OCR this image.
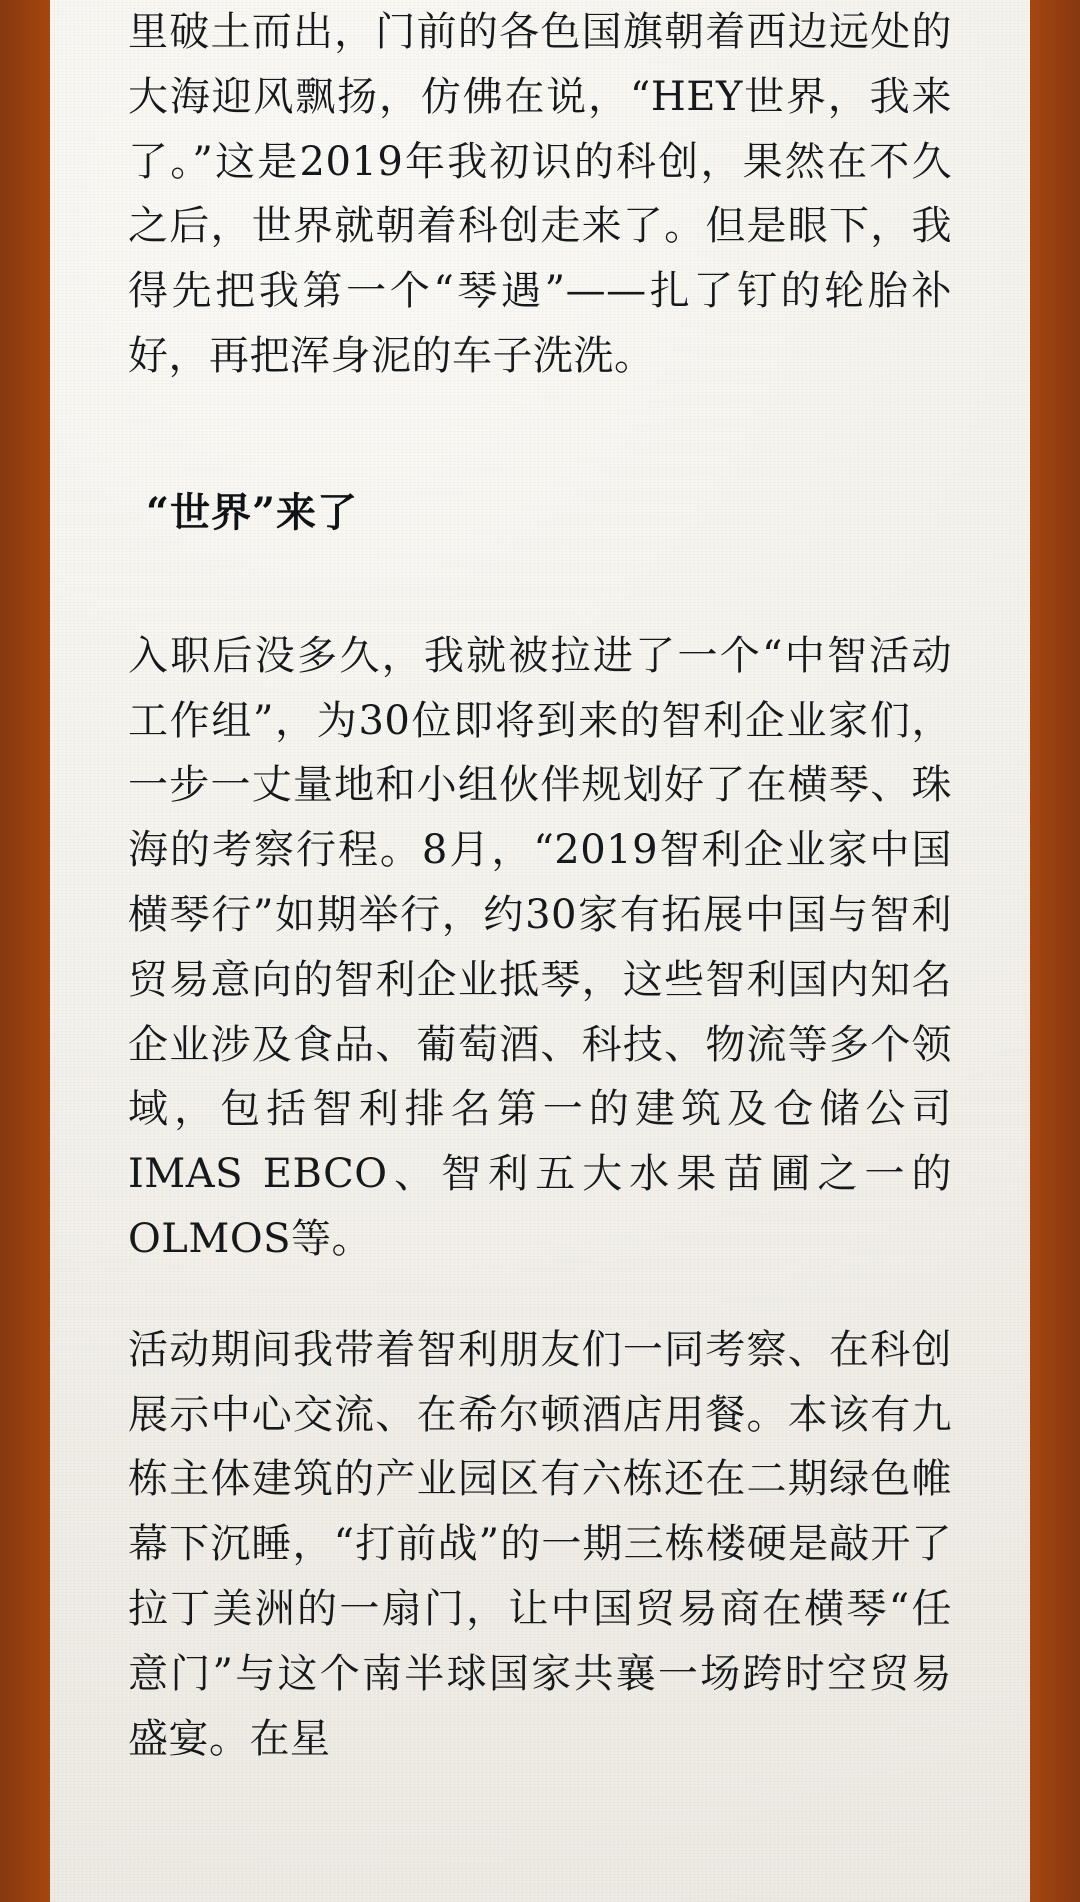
里破土而出，门前的各色国旗朝着西边远处的大海迎风飘扬，仿佛在说，“HEY世界，我来了。”这是2019年我初识的科创，果然在不久之后，世界就朝着科创走来了。但是眼下，我得先把我第一个“琴遇”——扎了钉的轮胎补好，再把浑身泥的车子洗洗。

“世界”来了

入职后没多久，我就被拉进了一个“中智活动工作组”，为30位即将到来的智利企业家们，一步一丈量地和小组伙伴规划好了在横琴、珠海的考察行程。8月，“2019智利企业家中国横琴行”如期举行，约30家有拓展中国与智利贸易意向的智利企业抵琴，这些智利国内知名企业涉及食品、葡萄酒、科技、物流等多个领域，包括智利排名第一的建筑及仓储公司IMAS EBCO、智利五大水果苗圃之一的OLMOS等。

活动期间我带着智利朋友们一同考察、在科创展示中心交流、在希尔顿酒店用餐。本该有九栋主体建筑的产业园区有六栋还在二期绿色帷幕下沉睡，“打前战”的一期三栋楼硬是敲开了拉丁美洲的一扇门，让中国贸易商在横琴“任意门”与这个南半球国家共襄一场跨时空贸易盛宴。在星
